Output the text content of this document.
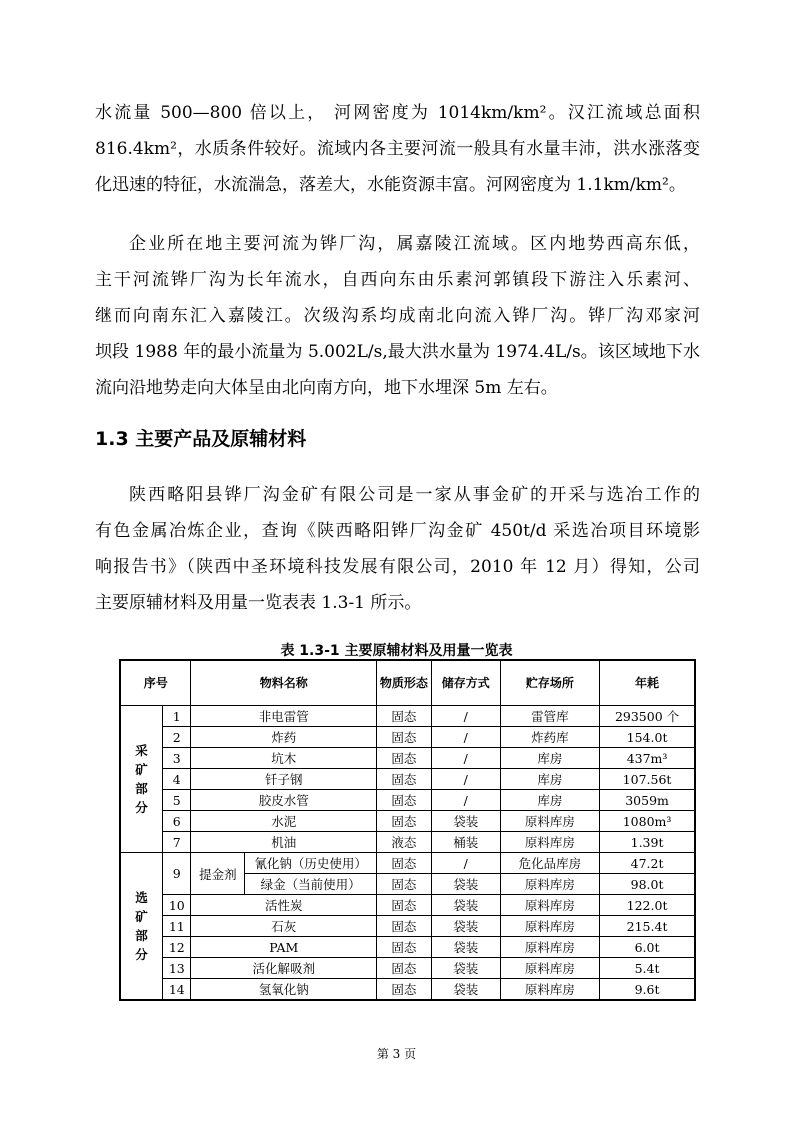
水流量 500—800 倍以上， 河网密度为 1014km/km²。汉江流域总面积
816.4km²，水质条件较好。流域内各主要河流一般具有水量丰沛，洪水涨落变
化迅速的特征，水流湍急，落差大，水能资源丰富。河网密度为 1.1km/km²。
企业所在地主要河流为铧厂沟，属嘉陵江流域。区内地势西高东低，
主干河流铧厂沟为长年流水，自西向东由乐素河郭镇段下游注入乐素河、
继而向南东汇入嘉陵江。次级沟系均成南北向流入铧厂沟。铧厂沟邓家河
坝段 1988 年的最小流量为 5.002L/s,最大洪水量为 1974.4L/s。该区域地下水
流向沿地势走向大体呈由北向南方向，地下水埋深 5m 左右。
1.3 主要产品及原辅材料
陕西略阳县铧厂沟金矿有限公司是一家从事金矿的开采与选冶工作的
有色金属冶炼企业，查询《陕西略阳铧厂沟金矿 450t/d 采选冶项目环境影
响报告书》（陕西中圣环境科技发展有限公司，2010 年 12 月）得知，公司
主要原辅材料及用量一览表表 1.3-1 所示。
表 1.3-1 主要原辅材料及用量一览表
序号		物料名称		物质形态	储存方式	贮存场所	年耗
采矿部分	1	非电雷管		固态	/	雷管库	293500 个
	2	炸药		固态	/	炸药库	154.0t
	3	坑木		固态	/	库房	437m³
	4	钎子钢		固态	/	库房	107.56t
	5	胶皮水管		固态	/	库房	3059m
	6	水泥		固态	袋装	原料库房	1080m³
	7	机油		液态	桶装	原料库房	1.39t
选矿部分	9	提金剂	氰化钠（历史使用）	固态	/	危化品库房	47.2t
			绿金（当前使用）	固态	袋装	原料库房	98.0t
	10	活性炭		固态	袋装	原料库房	122.0t
	11	石灰		固态	袋装	原料库房	215.4t
	12	PAM		固态	袋装	原料库房	6.0t
	13	活化解吸剂		固态	袋装	原料库房	5.4t
	14	氢氧化钠		固态	袋装	原料库房	9.6t
第 3 页
